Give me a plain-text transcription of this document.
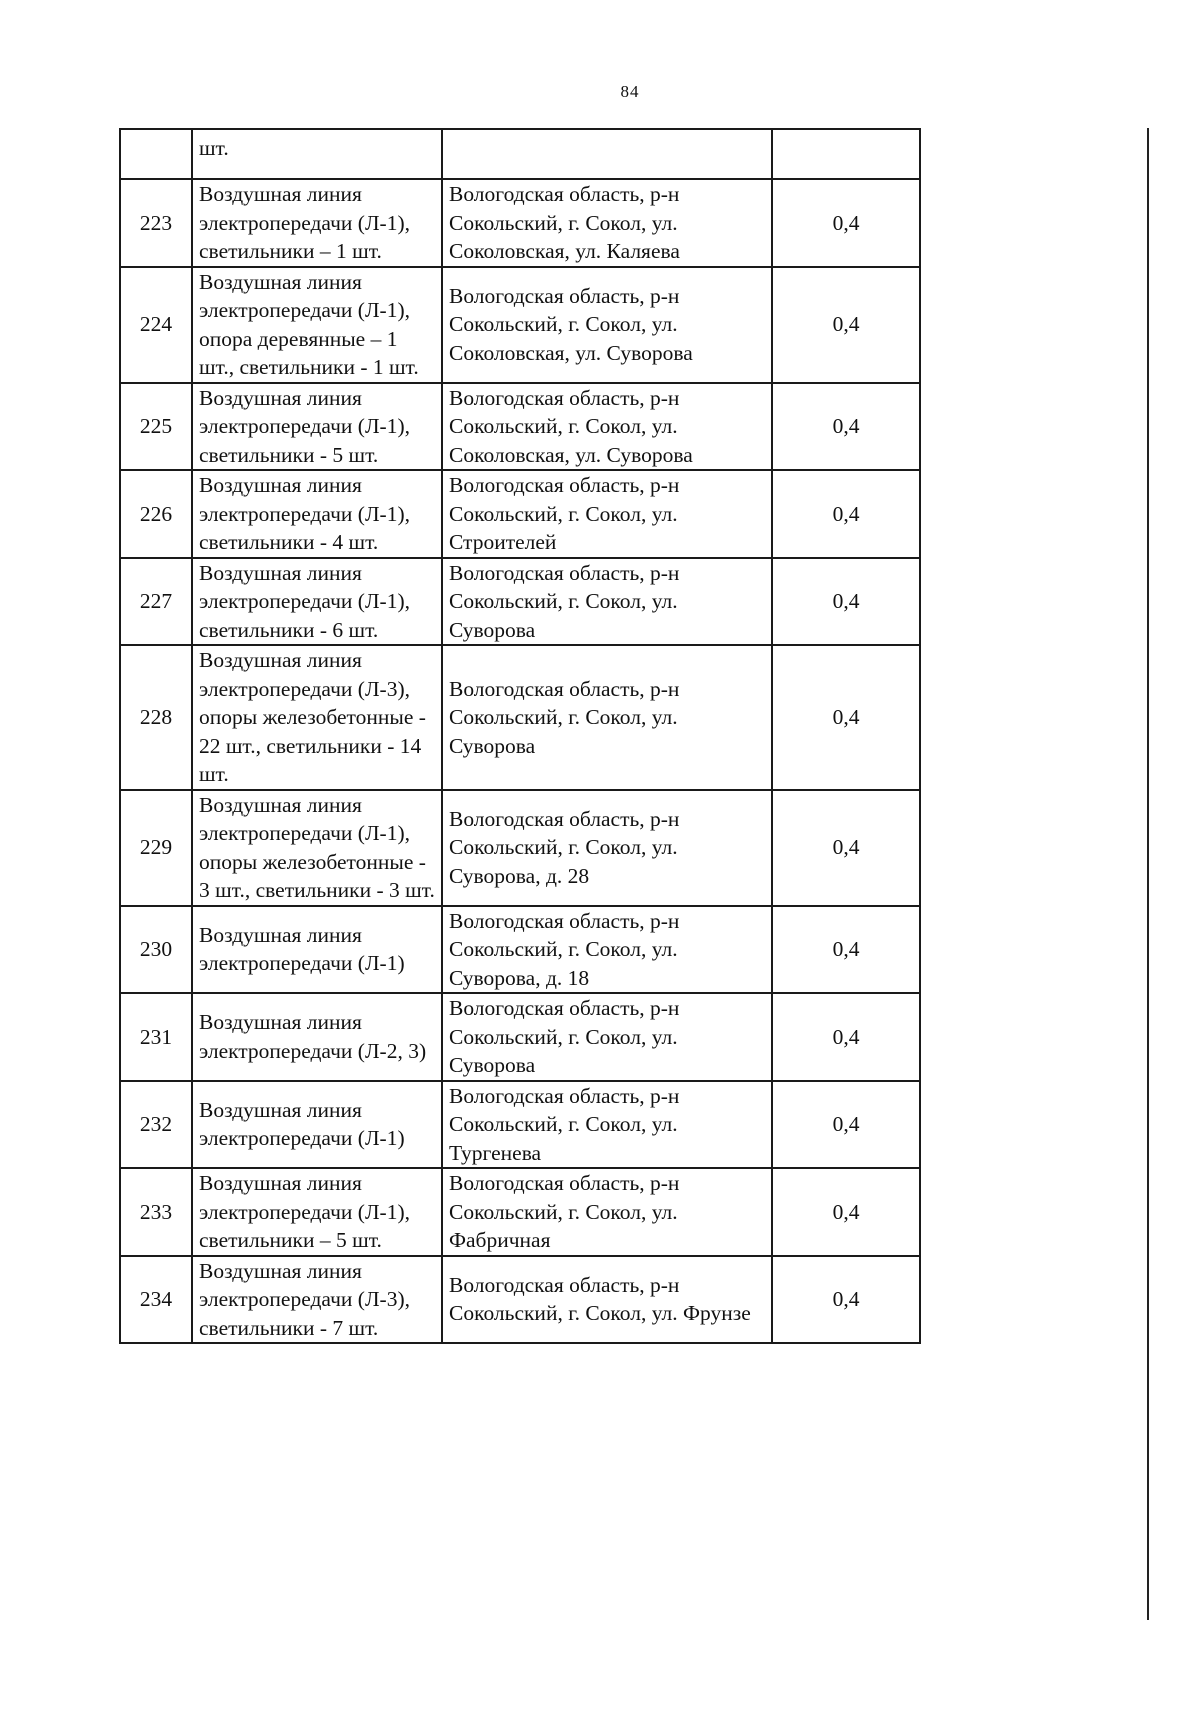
84
	шт.		
223	Воздушная линия электропередачи (Л-1), светильники – 1 шт.	Вологодская область, р-н Сокольский, г. Сокол, ул. Соколовская, ул. Каляева	0,4
224	Воздушная линия электропередачи (Л-1), опора деревянные – 1 шт., светильники - 1 шт.	Вологодская область, р-н Сокольский, г. Сокол, ул. Соколовская, ул. Суворова	0,4
225	Воздушная линия электропередачи (Л-1), светильники - 5 шт.	Вологодская область, р-н Сокольский, г. Сокол, ул. Соколовская, ул. Суворова	0,4
226	Воздушная линия электропередачи (Л-1), светильники - 4 шт.	Вологодская область, р-н Сокольский, г. Сокол, ул. Строителей	0,4
227	Воздушная линия электропередачи (Л-1), светильники - 6 шт.	Вологодская область, р-н Сокольский, г. Сокол, ул. Суворова	0,4
228	Воздушная линия электропередачи (Л-3), опоры железобетонные - 22 шт., светильники - 14 шт.	Вологодская область, р-н Сокольский, г. Сокол, ул. Суворова	0,4
229	Воздушная линия электропередачи (Л-1), опоры железобетонные - 3 шт., светильники - 3 шт.	Вологодская область, р-н Сокольский, г. Сокол, ул. Суворова, д. 28	0,4
230	Воздушная линия электропередачи (Л-1)	Вологодская область, р-н Сокольский, г. Сокол, ул. Суворова, д. 18	0,4
231	Воздушная линия электропередачи (Л-2, 3)	Вологодская область, р-н Сокольский, г. Сокол, ул. Суворова	0,4
232	Воздушная линия электропередачи (Л-1)	Вологодская область, р-н Сокольский, г. Сокол, ул. Тургенева	0,4
233	Воздушная линия электропередачи (Л-1), светильники – 5 шт.	Вологодская область, р-н Сокольский, г. Сокол, ул. Фабричная	0,4
234	Воздушная линия электропередачи (Л-3), светильники - 7 шт.	Вологодская область, р-н Сокольский, г. Сокол, ул. Фрунзе	0,4
